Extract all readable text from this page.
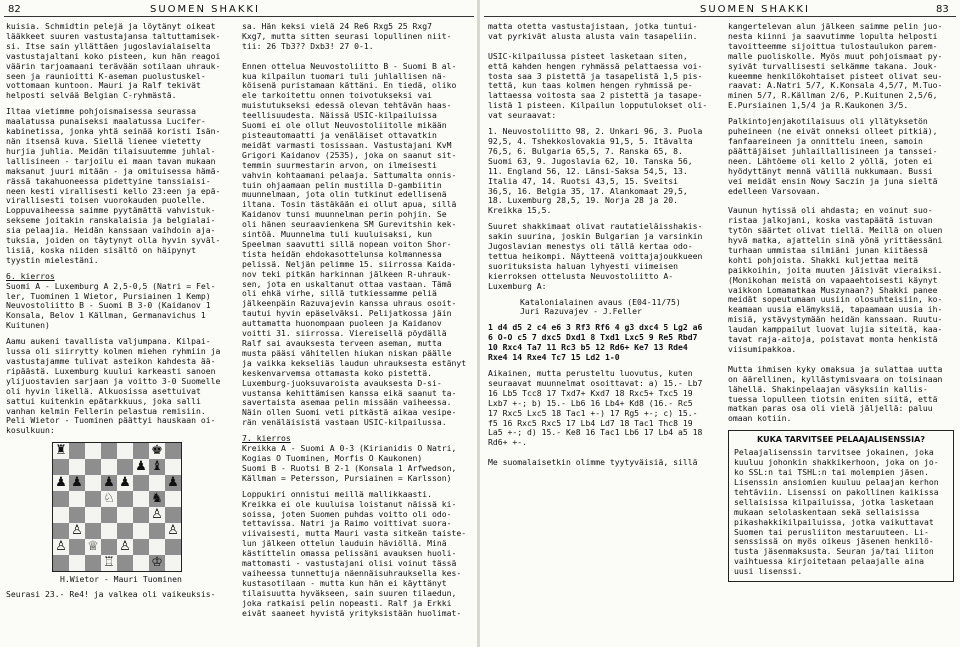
82	SUOMEN SHAKKI

kuisia. Schmidtin pelejä ja löytänyt oikeat
lääkkeet suuren vastustajansa taltuttamisek-
si. Itse sain yllättäen jugoslavialaiselta
vastustajaltani koko pisteen, kun hän reagoi
väärin tarjoamaani terävään sotilaan uhrauk-
seen ja raunioitti K-aseman puolustuskel-
vottomaan kuntoon. Mauri ja Ralf tekivät
helposti selvää Belgian C-ryhmästä.

Iltaa vietimme pohjoismaisessa seurassa
maalatussa punaiseksi maalatussa Lucifer-
kabinetissa, jonka yhtä seinää koristi Isän-
nän itsensä kuva. Siellä lienee vietetty
hurjia juhlia. Meidän tilaisuutemme juhlal-
lallisineen - tarjoilu ei maan tavan mukaan
maksanut juuri mitään - ja omituisessa hämä-
rässä takahuoneessa pidettyine tanssiaisi-
neen kesti virallisesti kello 23:een ja epä-
virallisesti toisen vuorokauden puolelle.
Loppuvaiheessa saimme pyytämättä vahvistuk-
sekseme joitakin ranskalaisia ja belgialai-
sia pelaajia. Heidän kanssaan vaihdoin aja-
tuksia, joiden on täytynyt olla hyvin syväl-
lisiä, koska niiden sisältö on häipynyt
tyystin mielestäni.

6. kierros

Suomi A - Luxemburg A 2,5-0,5 (Natri = Fel-
ler, Tuominen 1 Wietor, Pursiainen 1 Kemp)
Neuvostoliitto B - Suomi B 3-0 (Kaidanov 1
Konsala, Belov 1 Källman, Germanavichus 1
Kuitunen)

Aamu aukeni tavallista valjumpana. Kilpai-
lussa oli siirrytty kolmen miehen ryhmiin ja
vastustajamme tulivat asteikon kahdesta ää-
ripäästä. Luxemburg kuului karkeasti sanoen
ylijuostavien sarjaan ja voitto 3-0 Suomelle
oli hyvin likellä. Alkuosissa asettuivat
sattui kuitenkin epätarkkuus, joka salli
vanhan kelmin Fellerin pelastua remisiin.
Peli Wietor - Tuominen päättyi hauskaan oi-
kosulkuun:

♜	♚
♟ ♝
♟ ♟ ♟ ♟	♟
♘	♞
♙
♙	♙
♙ ♕ ♙
♖	♔
H.Wietor - Mauri Tuominen

Seurasi 23.- Re4! ja valkea oli vaikeuksis-

sa. Hän keksi vielä 24 Re6 Rxg5 25 Rxg7
Kxg7, mutta sitten seurasi lopullinen niit-
tii: 26 Tb3?? Dxb3! 27 0-1.

Ennen ottelua Neuvostoliitto B - Suomi B al-
kua kilpailun tuomari tuli juhlallisen nä-
köisenä puristamaan kättäni. En tiedä, oliko
ele tarkoitettu onnen toivotukseksi vai
muistutukseksi edessä olevan tehtävän haas-
teellisuudesta. Näissä USIC-kilpailuissa
Suomi ei ole ollut Neuvostoliitolle mikään
pisteautomaatti ja venäläiset ottavatkin
meidät varmasti tosissaan. Vastustajani KvM
Grigori Kaidanov (2535), joka on saanut sit-
temmin suurmestarin arvon, on ilmeisesti
vahvin kohtaamani pelaaja. Sattumalta onnis-
tuin ohjaamaan pelin mustilla D-gambiitin
muunnelmaan, jota olin tutkinut edellisenä
iltana. Tosin tästäkään ei ollut apua, sillä
Kaidanov tunsi muunnelman perin pohjin. Se
oli hänen seuraavienkena SM Gurevitshin kek-
sintöä. Muunnelma tuli kuuluisaksi, kun
Speelman saavutti sillä nopean voiton Shor-
tista heidän ehdokasottelunsa kolmannessa
pelissä. Neljän pelimme 15. siirrossa Kaida-
nov teki pitkän harkinnan jälkeen R-uhrauk-
sen, jota en uskaltanut ottaa vastaan. Tämä
oli ehkä virhe, sillä tutkiessamme peliä
jälkeenpäin Razuvajevin kanssa uhraus osoit-
tautui hyvin epäselväksi. Pelijatkossa jäin
auttamatta huonompaan puoleen ja Kaidanov
voitti 31. siirrossa. Viereisellä pöydällä
Ralf sai avauksesta terveen aseman, mutta
musta pääsi vähitellen hiukan niskan päälle
ja vaikka kekseliäs laudun uhrauksesta estänyt
keskenvarvemsa ottamasta koko pistettä.
Luxemburg-juoksuvaroista avauksesta D-si-
vustansa kehittämisen kanssa eikä saanut ta-
savertaista asemaa pelin missään vaiheessa.
Näin ollen Suomi veti pitkästä aikaa vesipe-
rän venäläisistä vastaan USIC-kilpailussa.

7. kierros

Kreikka A - Suomi A 0-3 (Kirianidis O Natri,
Kogias O Tuominen, Morfis O Kaukonen)
Suomi B - Ruotsi B 2-1 (Konsala 1 Arfwedson,
Källman = Petersson, Pursiainen = Karlsson)

Loppukiri onnistui meillä mallikkaasti.
Kreikka ei ole kuuluisa loistanut näissä ki-
soissa, joten Suomen puhdas voitto oli odo-
tettavissa. Natri ja Raimo voittivat suora-
viivaisesti, mutta Mauri vasta sitkeän taiste-
lun jälkeen ottelun lauduin häviöllä. Minä
kästittelin omassa pelissäni avauksen huoli-
mattomasti - vastustajani olisi voinut tässä
vaiheessa tunnettuja näennäisuhrauksella kes-
kustasotilaan - mutta kun hän ei käyttänyt
tilaisuutta hyväkseen, sain suuren tilaedun,
joka ratkaisi pelin nopeasti. Ralf ja Erkki
eivät saaneet hyvistä yrityksistään huolimat-

SUOMEN SHAKKI	83

matta otetta vastustajistaan, jotka tuntui-
vat pyrkivät alusta alusta vain tasapeliin.

USIC-kilpailussa pisteet lasketaan siten,
että kahden hengen ryhmässä pelattaessa voi-
tosta saa 3 pistettä ja tasapelistä 1,5 pis-
tettä, kun taas kolmen hengen ryhmissä pe-
lattaessa voitosta saa 2 pistettä ja tasape-
listä 1 pisteen. Kilpailun lopputulokset oli-
vat seuraavat:

1. Neuvostoliitto 98, 2. Unkari 96, 3. Puola
92,5, 4. Tshekkoslovakia 91,5, 5. Itävalta
76,5, 6. Bulgaria 65,5, 7. Ranska 65, 8.
Suomi 63, 9. Jugoslavia 62, 10. Tanska 56,
11. England 56, 12. Länsi-Saksa 54,5, 13.
Italia 47, 14. Ruotsi 43,5, 15. Sveitsi
36,5, 16. Belgia 35, 17. Alankomaat 29,5,
18. Luxemburg 28,5, 19. Norja 28 ja 20.
Kreikka 15,5.

Suuret shakkimaat olivat rautatieläisshakis-
sakin suurina, joskin Bulgarian ja varsinkin
Jugoslavian menestys oli tällä kertaa odo-
tettua heikompi. Näytteenä voittajajoukkueen
suorituksista haluan lyhyesti viimeisen
kierroksen ottelusta Neuvostoliitto A-
Luxemburg A:

Katalonialainen avaus (E04-11/75)
Juri Razuvajev - J.Feller

1 d4 d5 2 c4 e6 3 Rf3 Rf6 4 g3 dxc4 5 Lg2 a6
6 O-O c5 7 dxc5 Dxd1 8 Txd1 Lxc5 9 Re5 Rbd7
10 Rxc4 Ta7 11 Rc3 b5 12 Rd6+ Ke7 13 Rde4
Rxe4 14 Rxe4 Tc7 15 Ld2 1-0

Aikainen, mutta perusteltu luovutus, kuten
seuraavat muunnelmat osoittavat: a) 15.- Lb7
16 Lb5 Tcc8 17 Txd7+ Kxd7 18 Rxc5+ Txc5 19
Lxb7 +-; b) 15.- Lb6 16 Lb4+ Kd8 (16.- Rc5
17 Rxc5 Lxc5 18 Tac1 +-) 17 Rg5 +-; c) 15.-
f5 16 Rxc5 Rxc5 17 Lb4 Ld7 18 Tac1 Thc8 19
La5 +-; d) 15.- Ke8 16 Tac1 Lb6 17 Lb4 a5 18
Rd6+ +-.

Me suomalaisetkin olimme tyytyväisiä, sillä

kangertelevan alun jälkeen saimme pelin juo-
nesta kiinni ja saavutimme lopulta helposti
tavoitteemme sijoittua tulostaulukon parem-
malle puoliskolle. Myös muut pohjoismaat py-
syivät turvallisesti selkämme takana. Jouk-
kueemme henkilökohtaiset pisteet olivat seu-
raavat: A.Natri 5/7, K.Konsala 4,5/7, M.Tuo-
minen 5/7, R.Källman 2/6, P.Kuitunen 2,5/6,
E.Pursiainen 1,5/4 ja R.Kaukonen 3/5.

Palkintojenjakotilaisuus oli yllätyksetön
puheineen (ne eivät onneksi olleet pitkiä),
fanfaareineen ja onnittelu ineen, samoin
päättäjäiset juhlaillallisineen ja tanssei-
neen. Lähtöeme oli kello 2 yöllä, joten ei
hyödyttänyt mennä välillä nukkumaan. Bussi
vei meidät ensin Nowy Saczin ja juna sieltä
edelleen Varsovaan.

Vaunun hytissä oli ahdasta; en voinut suo-
ristaa jalkojani, koska vastapäätä istuvan
tytön säärtet olivat tiellä. Meillä on oluen
hyvä matka, ajattelin sinä yönä yrittäessäni
turhaan ummistaa silmiäni junan kiitäessä
kohti pohjoista. Shakki kuljettaa meitä
paikkoihin, joita muuten jäisivät vieraiksi.
(Monikohan meistä on vapaaehtoisesti käynyt
vaikkon Lomamatkaa Muszynaan?) Shakki panee
meidät sopeutumaan uusiin olosuhteisiin, ko-
keamaan uusia elämyksiä, tapaamaan uusia ih-
misiä, ystävystymään heidän kanssaan. Ruutu-
laudan kamppailut luovat lujia siteitä, kaa-
tavat raja-aitoja, poistavat monta henkistä
viisumipakkoa.

Mutta ihmisen kyky omaksua ja sulattaa uutta
on äärellinen, kyllästymisvaara on toisinaan
lähellä. Shakinpelaajan väsyksiin kallis-
tuessa lopulleen tiotsin eniten siitä, että
matkan paras osa oli vielä jäljellä: paluu
omaan kotiin.

KUKA TARVITSEE PELAAJALISENSSIA?

Pelaajalisenssin tarvitsee jokainen, joka
kuuluu johonkin shakkikerhoon, joka on jo-
ko SSL:n tai TSHL:n tai molempien jäsen.
Lisenssin ansiomien kuuluu pelaajan kerhon
tehtäviin. Lisenssi on pakollinen kaikissa
sellaisissa kilpailuissa, jotka lasketaan
mukaan selolaskentaan sekä sellaisissa
pikashakkikilpailuissa, jotka vaikuttavat
Suomen tai perusliiton mestaruuteen. Li-
senssissä on myös oikeus jäsenen henkilö-
tusta jäsenmaksusta. Seuran ja/tai liiton
vaihtuessa kirjoitetaan pelaajalle aina
uusi lisenssi.
